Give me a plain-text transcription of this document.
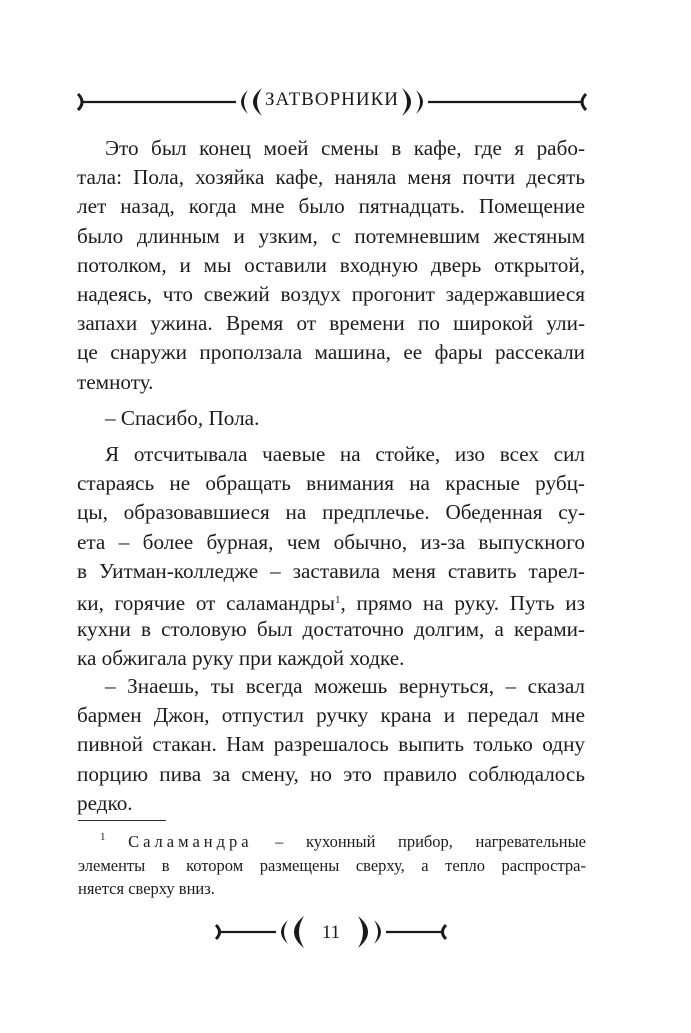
ЗАТВОРНИКИ
Это был конец моей смены в кафе, где я рабо-
тала: Пола, хозяйка кафе, наняла меня почти десять
лет назад, когда мне было пятнадцать. Помещение
было длинным и узким, с потемневшим жестяным
потолком, и мы оставили входную дверь открытой,
надеясь, что свежий воздух прогонит задержавшиеся
запахи ужина. Время от времени по широкой ули-
це снаружи проползала машина, ее фары рассекали
темноту.
– Спасибо, Пола.
Я отсчитывала чаевые на стойке, изо всех сил
стараясь не обращать внимания на красные рубц-
цы, образовавшиеся на предплечье. Обеденная су-
ета – более бурная, чем обычно, из-за выпускного
в Уитман-колледже – заставила меня ставить тарел-
ки, горячие от саламандры$^1$, прямо на руку. Путь из
кухни в столовую был достаточно долгим, а керами-
ка обжигала руку при каждой ходке.
– Знаешь, ты всегда можешь вернуться, – сказал
бармен Джон, отпустил ручку крана и передал мне
пивной стакан. Нам разрешалось выпить только одну
порцию пива за смену, но это правило соблюдалось
редко.
$^1$ Саламандра – кухонный прибор, нагревательные
элементы в котором размещены сверху, а тепло распростра-
няется сверху вниз.
11
